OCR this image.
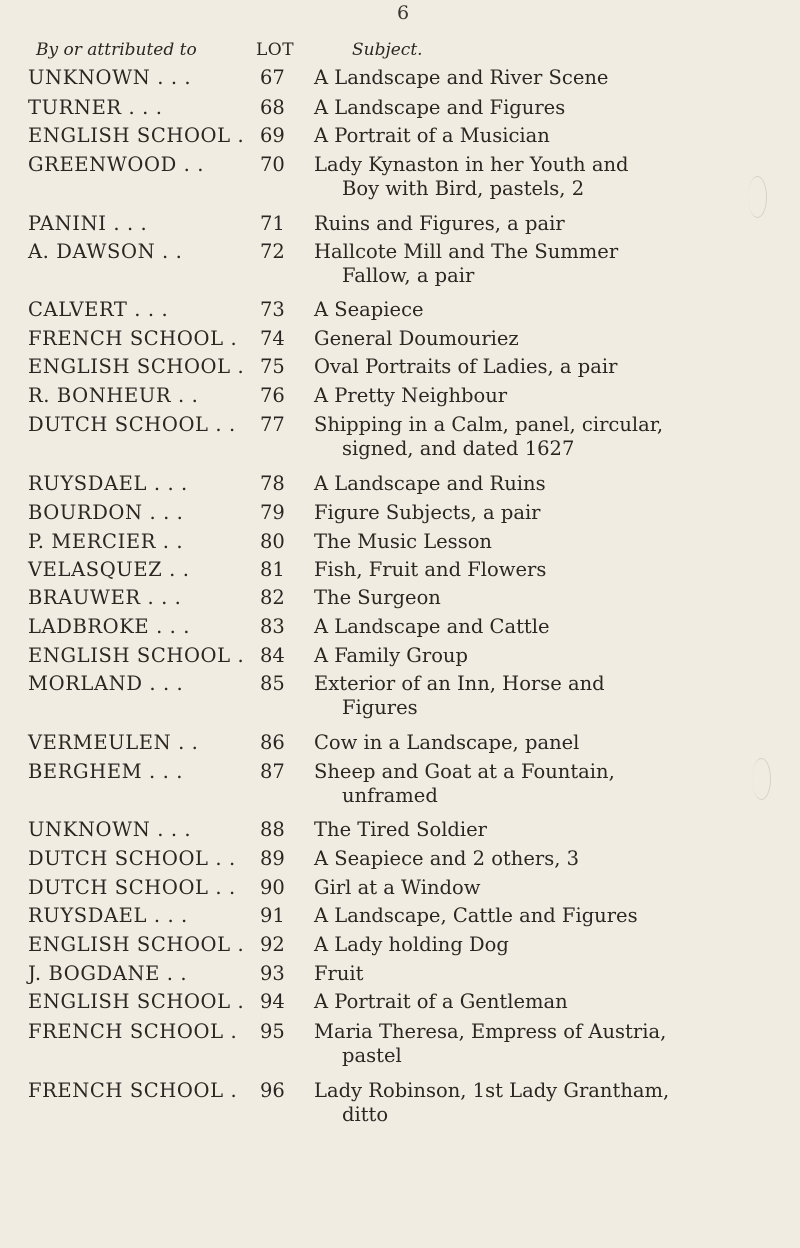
6
By or attributed to	LOT	Subject.
UNKNOWN . . .	67	A Landscape and River Scene
TURNER . . .	68	A Landscape and Figures
ENGLISH SCHOOL . 69	A Portrait of a Musician
GREENWOOD . .	70	Lady Kynaston in her Youth and
Boy with Bird, pastels, 2
PANINI . . .	71	Ruins and Figures, a pair
A. DAWSON . .	72	Hallcote Mill and The Summer
Fallow, a pair
CALVERT . . .	73	A Seapiece
FRENCH SCHOOL .	74	General Doumouriez
ENGLISH SCHOOL . 75	Oval Portraits of Ladies, a pair
R. BONHEUR . .	76	A Pretty Neighbour
DUTCH SCHOOL . .	77	Shipping in a Calm, panel, circular,
signed, and dated 1627
RUYSDAEL . . .	78	A Landscape and Ruins
BOURDON . . .	79	Figure Subjects, a pair
P. MERCIER . .	80	The Music Lesson
VELASQUEZ . .	81	Fish, Fruit and Flowers
BRAUWER . . .	82	The Surgeon
LADBROKE . . .	83	A Landscape and Cattle
ENGLISH SCHOOL . 84	A Family Group
MORLAND . . .	85	Exterior of an Inn, Horse and
Figures
VERMEULEN . .	86	Cow in a Landscape, panel
BERGHEM . . .	87	Sheep and Goat at a Fountain,
unframed
UNKNOWN . . .	88	The Tired Soldier
DUTCH SCHOOL . .	89	A Seapiece and 2 others, 3
DUTCH SCHOOL . .	90	Girl at a Window
RUYSDAEL . . .	91	A Landscape, Cattle and Figures
ENGLISH SCHOOL . 92	A Lady holding Dog
J. BOGDANE . .	93	Fruit
ENGLISH SCHOOL . 94	A Portrait of a Gentleman
FRENCH SCHOOL .	95	Maria Theresa, Empress of Austria,
pastel
FRENCH SCHOOL .	96	Lady Robinson, 1st Lady Grantham,
ditto
